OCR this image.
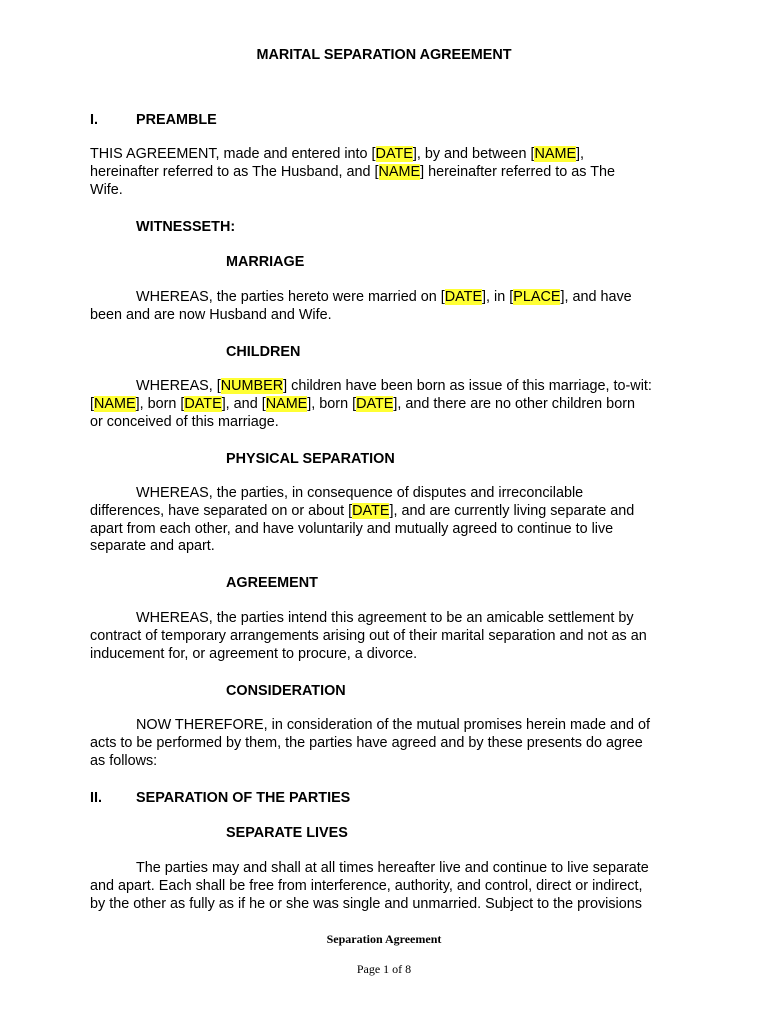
MARITAL SEPARATION AGREEMENT
I.	PREAMBLE
THIS AGREEMENT, made and entered into [DATE], by and between [NAME],
hereinafter referred to as The Husband, and [NAME] hereinafter referred to as The
Wife.
WITNESSETH:
MARRIAGE
WHEREAS, the parties hereto were married on [DATE], in [PLACE], and have
been and are now Husband and Wife.
CHILDREN
WHEREAS, [NUMBER] children have been born as issue of this marriage, to-wit:
[NAME], born [DATE], and [NAME], born [DATE], and there are no other children born
or conceived of this marriage.
PHYSICAL SEPARATION
WHEREAS, the parties, in consequence of disputes and irreconcilable
differences, have separated on or about [DATE], and are currently living separate and
apart from each other, and have voluntarily and mutually agreed to continue to live
separate and apart.
AGREEMENT
WHEREAS, the parties intend this agreement to be an amicable settlement by
contract of temporary arrangements arising out of their marital separation and not as an
inducement for, or agreement to procure, a divorce.
CONSIDERATION
NOW THEREFORE, in consideration of the mutual promises herein made and of
acts to be performed by them, the parties have agreed and by these presents do agree
as follows:
II. SEPARATION OF THE PARTIES
SEPARATE LIVES
The parties may and shall at all times hereafter live and continue to live separate
and apart. Each shall be free from interference, authority, and control, direct or indirect,
by the other as fully as if he or she was single and unmarried. Subject to the provisions
Separation Agreement
Page 1 of 8
